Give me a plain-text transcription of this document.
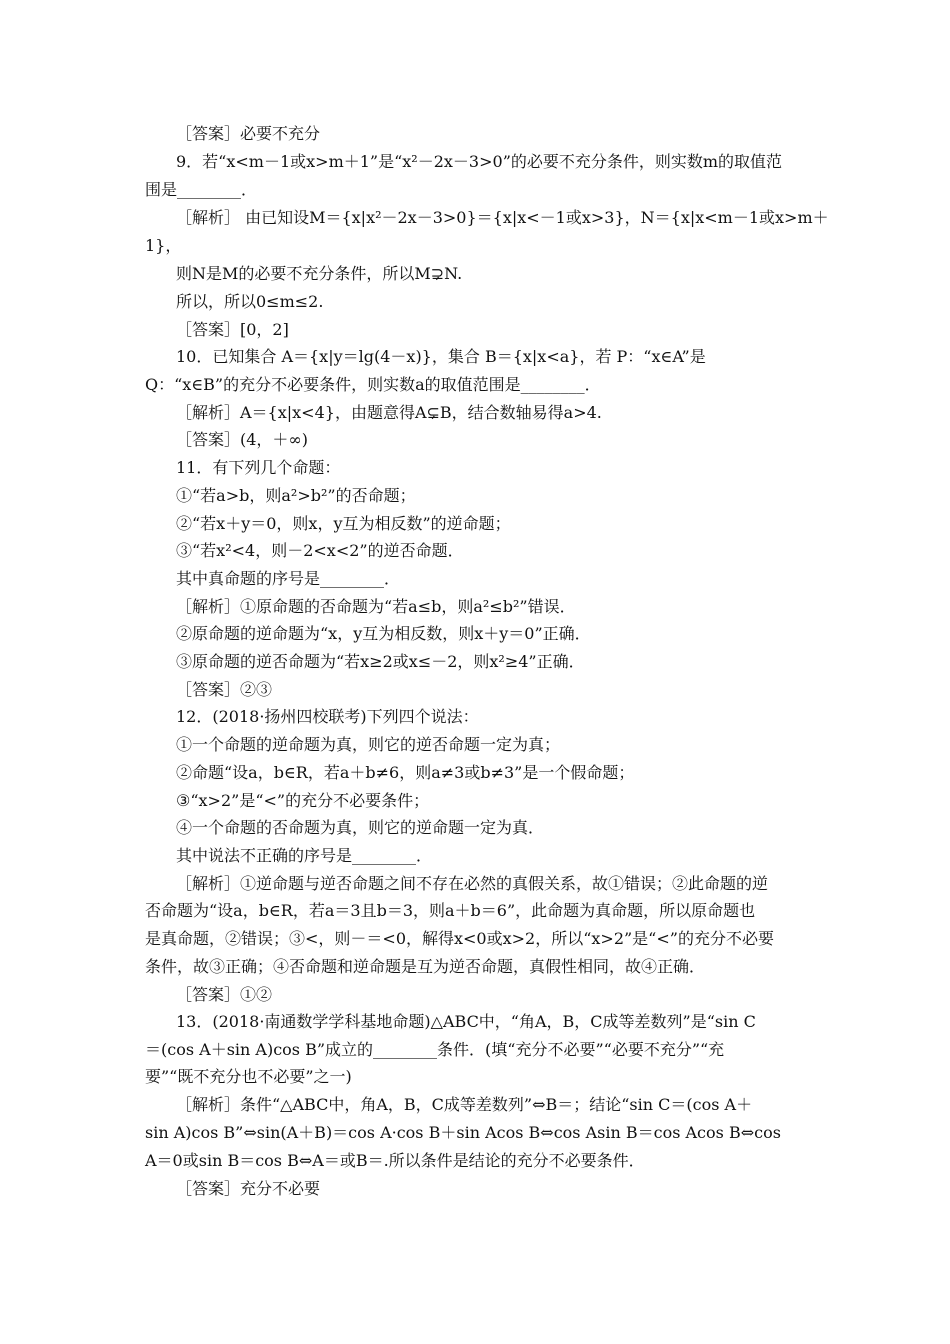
［答案］必要不充分
9．若“x<m－1或x>m＋1”是“x²－2x－3>0”的必要不充分条件，则实数m的取值范
围是________．
［解析］ 由已知设M＝{x|x²－2x－3>0}＝{x|x<－1或x>3}，N＝{x|x<m－1或x>m＋
1}，
则N是M的必要不充分条件，所以M⊋N.
所以，所以0≤m≤2.
［答案］[0，2]
10．已知集合 A＝{x|y＝lg(4－x)}，集合 B＝{x|x<a}，若 P：“x∈A”是
Q：“x∈B”的充分不必要条件，则实数a的取值范围是________．
［解析］A＝{x|x<4}，由题意得A⊊B，结合数轴易得a>4.
［答案］(4，＋∞)
11．有下列几个命题：
①“若a>b，则a²>b²”的否命题；
②“若x＋y＝0，则x，y互为相反数”的逆命题；
③“若x²<4，则－2<x<2”的逆否命题．
其中真命题的序号是________．
［解析］①原命题的否命题为“若a≤b，则a²≤b²”错误．
②原命题的逆命题为“x，y互为相反数，则x＋y＝0”正确．
③原命题的逆否命题为“若x≥2或x≤－2，则x²≥4”正确．
［答案］②③
12．(2018·扬州四校联考)下列四个说法：
①一个命题的逆命题为真，则它的逆否命题一定为真；
②命题“设a，b∈R，若a＋b≠6，则a≠3或b≠3”是一个假命题；
③“x>2”是“<”的充分不必要条件；
④一个命题的否命题为真，则它的逆命题一定为真．
其中说法不正确的序号是________．
［解析］①逆命题与逆否命题之间不存在必然的真假关系，故①错误；②此命题的逆
否命题为“设a，b∈R，若a＝3且b＝3，则a＋b＝6”，此命题为真命题，所以原命题也
是真命题，②错误；③<，则－＝<0，解得x<0或x>2，所以“x>2”是“<”的充分不必要
条件，故③正确；④否命题和逆命题是互为逆否命题，真假性相同，故④正确．
［答案］①②
13．(2018·南通数学学科基地命题)△ABC中，“角A，B，C成等差数列”是“sin C
＝(cos A＋sin A)cos B”成立的________条件．(填“充分不必要”“必要不充分”“充
要”“既不充分也不必要”之一)
［解析］条件“△ABC中，角A，B，C成等差数列”⇔B＝；结论“sin C＝(cos A＋
sin A)cos B”⇔sin(A＋B)＝cos A·cos B＋sin Acos B⇔cos Asin B＝cos Acos B⇔cos
A＝0或sin B＝cos B⇔A＝或B＝.所以条件是结论的充分不必要条件．
［答案］充分不必要
